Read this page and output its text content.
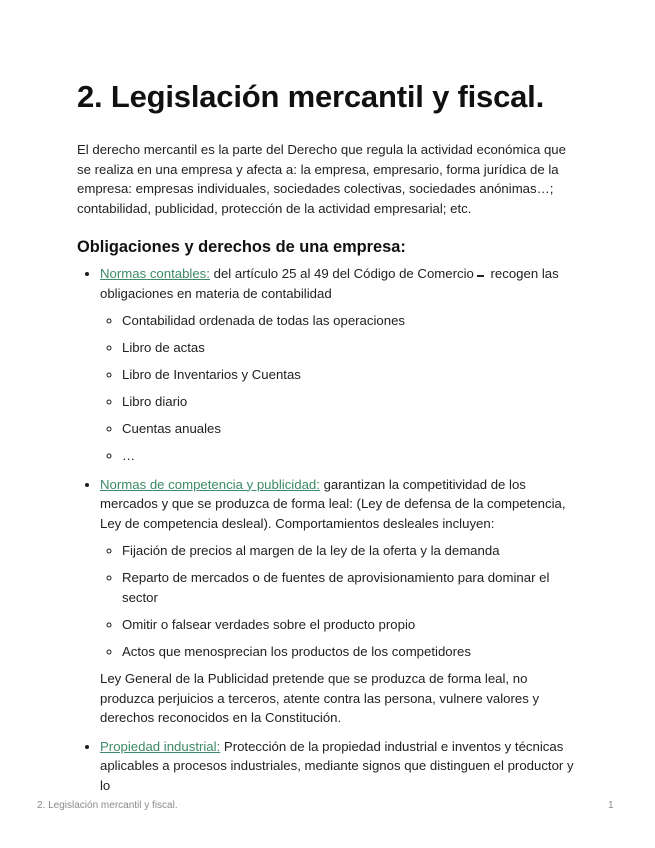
2. Legislación mercantil y fiscal.

El derecho mercantil es la parte del Derecho que regula la actividad económica que se realiza en una empresa y afecta a: la empresa, empresario, forma jurídica de la empresa: empresas individuales, sociedades colectivas, sociedades anónimas…; contabilidad, publicidad, protección de la actividad empresarial; etc.

Obligaciones y derechos de una empresa:
• Normas contables: del artículo 25 al 49 del Código de Comercio recogen las obligaciones en materia de contabilidad
◦ Contabilidad ordenada de todas las operaciones
◦ Libro de actas
◦ Libro de Inventarios y Cuentas
◦ Libro diario
◦ Cuentas anuales
◦ …
• Normas de competencia y publicidad: garantizan la competitividad de los mercados y que se produzca de forma leal: (Ley de defensa de la competencia, Ley de competencia desleal). Comportamientos desleales incluyen:
◦ Fijación de precios al margen de la ley de la oferta y la demanda
◦ Reparto de mercados o de fuentes de aprovisionamiento para dominar el sector
◦ Omitir o falsear verdades sobre el producto propio
◦ Actos que menosprecian los productos de los competidores

Ley General de la Publicidad pretende que se produzca de forma leal, no produzca perjuicios a terceros, atente contra las persona, vulnere valores y derechos reconocidos en la Constitución.

• Propiedad industrial: Protección de la propiedad industrial e inventos y técnicas aplicables a procesos industriales, mediante signos que distinguen el productor y lo
2. Legislación mercantil y fiscal.	1
